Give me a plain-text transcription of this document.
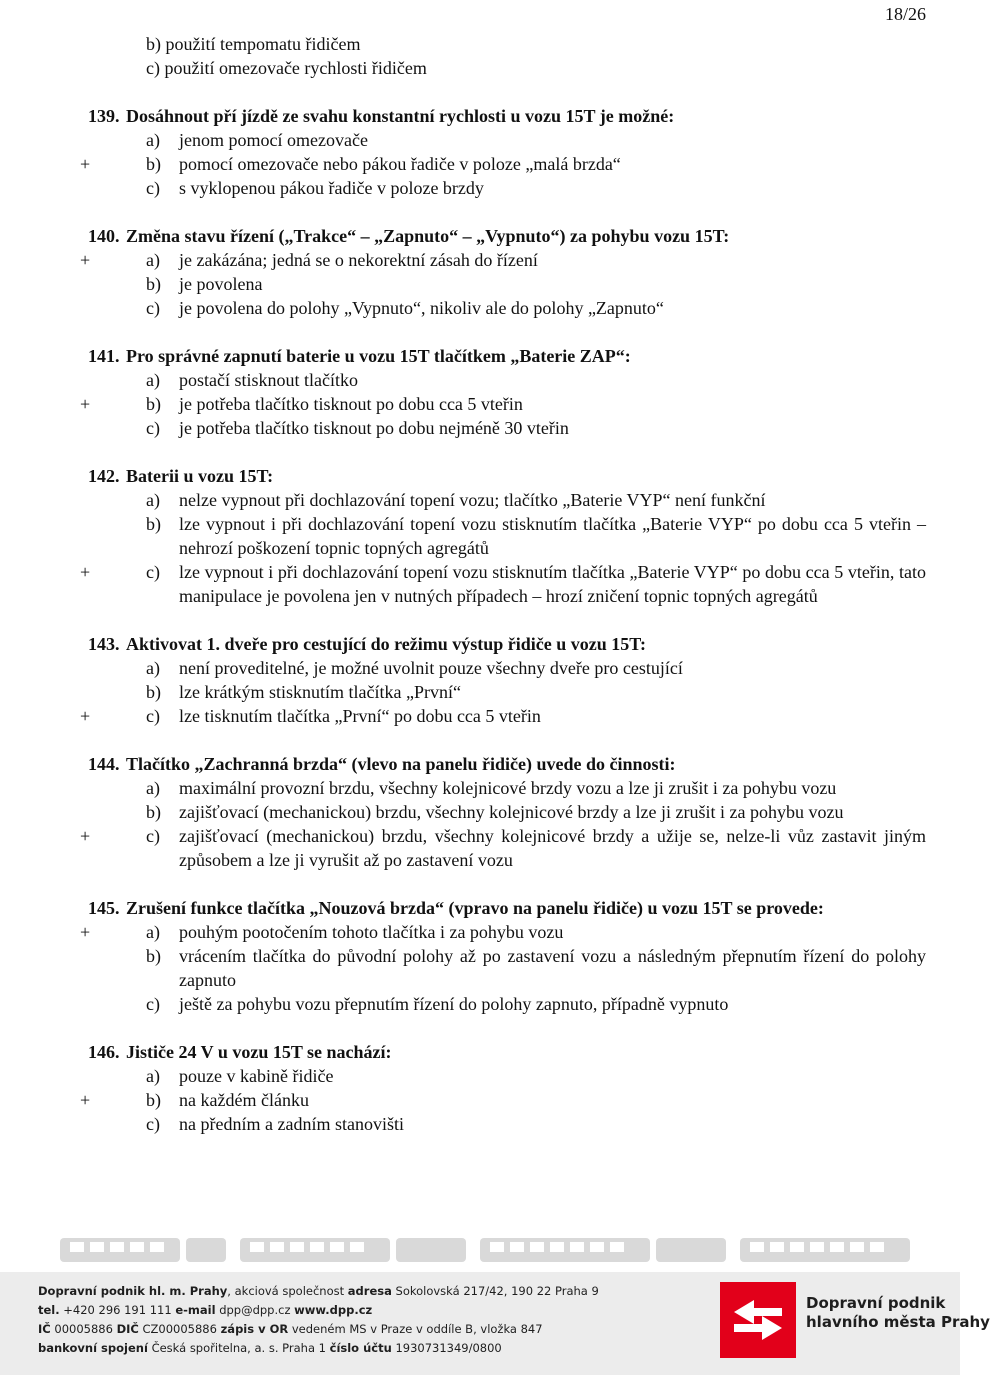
18/26
b) použití tempomatu řidičem
c) použití omezovače rychlosti řidičem
139. Dosáhnout pří jízdě ze svahu konstantní rychlosti u vozu 15T je možné:
a)	jenom pomocí omezovače
+	b)	pomocí omezovače nebo pákou řadiče v poloze „malá brzda“
c)	s vyklopenou pákou řadiče v poloze brzdy
140. Změna stavu řízení („Trakce“ – „Zapnuto“ – „Vypnuto“) za pohybu vozu 15T:
+	a)	je zakázána; jedná se o nekorektní zásah do řízení
b)	je povolena
c)	je povolena do polohy „Vypnuto“, nikoliv ale do polohy „Zapnuto“
141. Pro správné zapnutí baterie u vozu 15T tlačítkem „Baterie ZAP“:
a)	postačí stisknout tlačítko
+	b)	je potřeba tlačítko tisknout po dobu cca 5 vteřin
c)	je potřeba tlačítko tisknout po dobu nejméně 30 vteřin
142. Baterii u vozu 15T:
a)	nelze vypnout při dochlazování topení vozu; tlačítko „Baterie VYP“ není funkční
b)	lze vypnout i při dochlazování topení vozu stisknutím tlačítka „Baterie VYP“ po dobu cca 5 vteřin – nehrozí poškození topnic topných agregátů
+	c)	lze vypnout i při dochlazování topení vozu stisknutím tlačítka „Baterie VYP“ po dobu cca 5 vteřin, tato manipulace je povolena jen v nutných případech – hrozí zničení topnic topných agregátů
143. Aktivovat 1. dveře pro cestující do režimu výstup řidiče u vozu 15T:
a)	není proveditelné, je možné uvolnit pouze všechny dveře pro cestující
b)	lze krátkým stisknutím tlačítka „První“
+	c)	lze tisknutím tlačítka „První“ po dobu cca 5 vteřin
144. Tlačítko „Zachranná brzda“ (vlevo na panelu řidiče) uvede do činnosti:
a)	maximální provozní brzdu, všechny kolejnicové brzdy vozu a lze ji zrušit i za pohybu vozu
b)	zajišťovací (mechanickou) brzdu, všechny kolejnicové brzdy a lze ji zrušit i za pohybu vozu
+	c)	zajišťovací (mechanickou) brzdu, všechny kolejnicové brzdy a užije se, nelze-li vůz zastavit jiným způsobem a lze ji vyrušit až po zastavení vozu
145. Zrušení funkce tlačítka „Nouzová brzda“ (vpravo na panelu řidiče) u vozu 15T se provede:
+	a)	pouhým pootočením tohoto tlačítka i za pohybu vozu
b)	vrácením tlačítka do původní polohy až po zastavení vozu a následným přepnutím řízení do polohy zapnuto
c)	ještě za pohybu vozu přepnutím řízení do polohy zapnuto, případně vypnuto
146. Jističe 24 V u vozu 15T se nachází:
a)	pouze v kabině řidiče
+	b)	na každém článku
c)	na předním a zadním stanovišti
Dopravní podnik hl. m. Prahy, akciová společnost adresa Sokolovská 217/42, 190 22 Praha 9
tel. +420 296 191 111 e-mail dpp@dpp.cz www.dpp.cz
IČ 00005886 DIČ CZ00005886 zápis v OR vedeném MS v Praze v oddíle B, vložka 847
bankovní spojení Česká spořitelna, a. s. Praha 1 číslo účtu 1930731349/0800
Dopravní podnik
hlavního města Prahy
